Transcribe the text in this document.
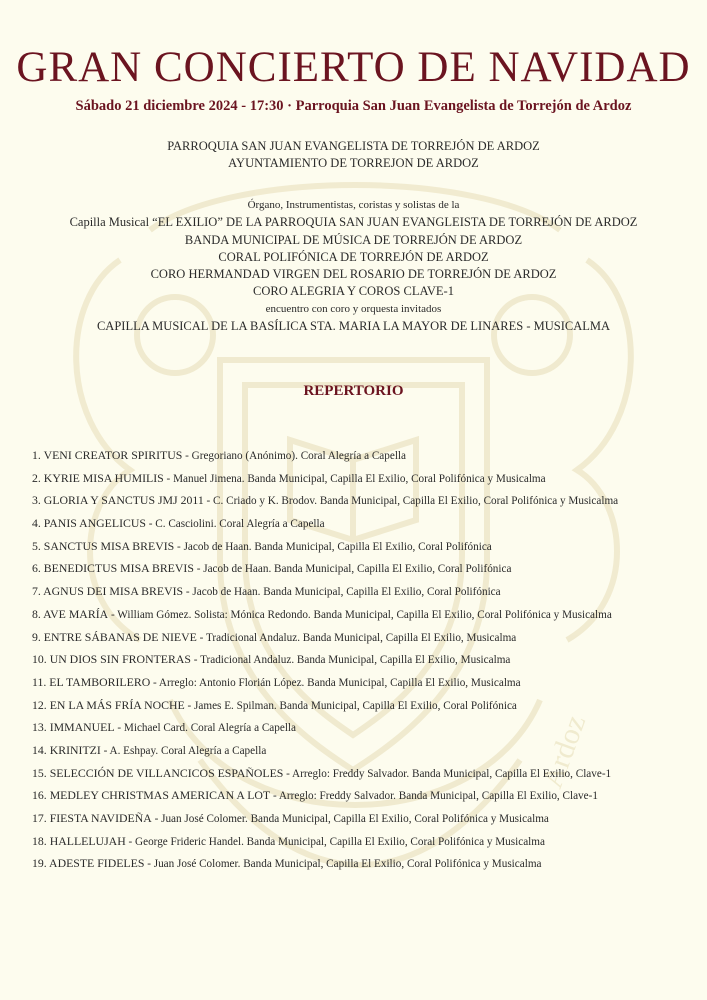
Ardoz
GRAN CONCIERTO DE NAVIDAD
Sábado 21 diciembre 2024 - 17:30 · Parroquia San Juan Evangelista de Torrejón de Ardoz
PARROQUIA SAN JUAN EVANGELISTA DE TORREJÓN DE ARDOZ
AYUNTAMIENTO DE TORREJON DE ARDOZ
Órgano, Instrumentistas, coristas y solistas de la
Capilla Musical “EL EXILIO” DE LA PARROQUIA SAN JUAN EVANGLEISTA DE TORREJÓN DE ARDOZ
BANDA MUNICIPAL DE MÚSICA DE TORREJÓN DE ARDOZ
CORAL POLIFÓNICA DE TORREJÓN DE ARDOZ
CORO HERMANDAD VIRGEN DEL ROSARIO DE TORREJÓN DE ARDOZ
CORO ALEGRIA Y COROS CLAVE-1
encuentro con coro y orquesta invitados
CAPILLA MUSICAL DE LA BASÍLICA STA. MARIA LA MAYOR DE LINARES - MUSICALMA
REPERTORIO
1. VENI CREATOR SPIRITUS - Gregoriano (Anónimo). Coral Alegría a Capella
2. KYRIE MISA HUMILIS - Manuel Jimena. Banda Municipal, Capilla El Exilio, Coral Polifónica y Musicalma
3. GLORIA Y SANCTUS JMJ 2011 - C. Criado y K. Brodov. Banda Municipal, Capilla El Exilio, Coral Polifónica y Musicalma
4. PANIS ANGELICUS - C. Casciolini. Coral Alegría a Capella
5. SANCTUS MISA BREVIS - Jacob de Haan. Banda Municipal, Capilla El Exilio, Coral Polifónica
6. BENEDICTUS MISA BREVIS - Jacob de Haan. Banda Municipal, Capilla El Exilio, Coral Polifónica
7. AGNUS DEI MISA BREVIS - Jacob de Haan. Banda Municipal, Capilla El Exilio, Coral Polifónica
8. AVE MARÍA - William Gómez. Solista: Mónica Redondo. Banda Municipal, Capilla El Exilio, Coral Polifónica y Musicalma
9. ENTRE SÁBANAS DE NIEVE - Tradicional Andaluz. Banda Municipal, Capilla El Exilio, Musicalma
10. UN DIOS SIN FRONTERAS - Tradicional Andaluz. Banda Municipal, Capilla El Exilio, Musicalma
11. EL TAMBORILERO - Arreglo: Antonio Florián López. Banda Municipal, Capilla El Exilio, Musicalma
12. EN LA MÁS FRÍA NOCHE - James E. Spilman. Banda Municipal, Capilla El Exilio, Coral Polifónica
13. IMMANUEL - Michael Card. Coral Alegría a Capella
14. KRINITZI - A. Eshpay. Coral Alegría a Capella
15. SELECCIÓN DE VILLANCICOS ESPAÑOLES - Arreglo: Freddy Salvador. Banda Municipal, Capilla El Exilio, Clave-1
16. MEDLEY CHRISTMAS AMERICAN A LOT - Arreglo: Freddy Salvador. Banda Municipal, Capilla El Exilio, Clave-1
17. FIESTA NAVIDEÑA - Juan José Colomer. Banda Municipal, Capilla El Exilio, Coral Polifónica y Musicalma
18. HALLELUJAH - George Frideric Handel. Banda Municipal, Capilla El Exilio, Coral Polifónica y Musicalma
19. ADESTE FIDELES - Juan José Colomer. Banda Municipal, Capilla El Exilio, Coral Polifónica y Musicalma
